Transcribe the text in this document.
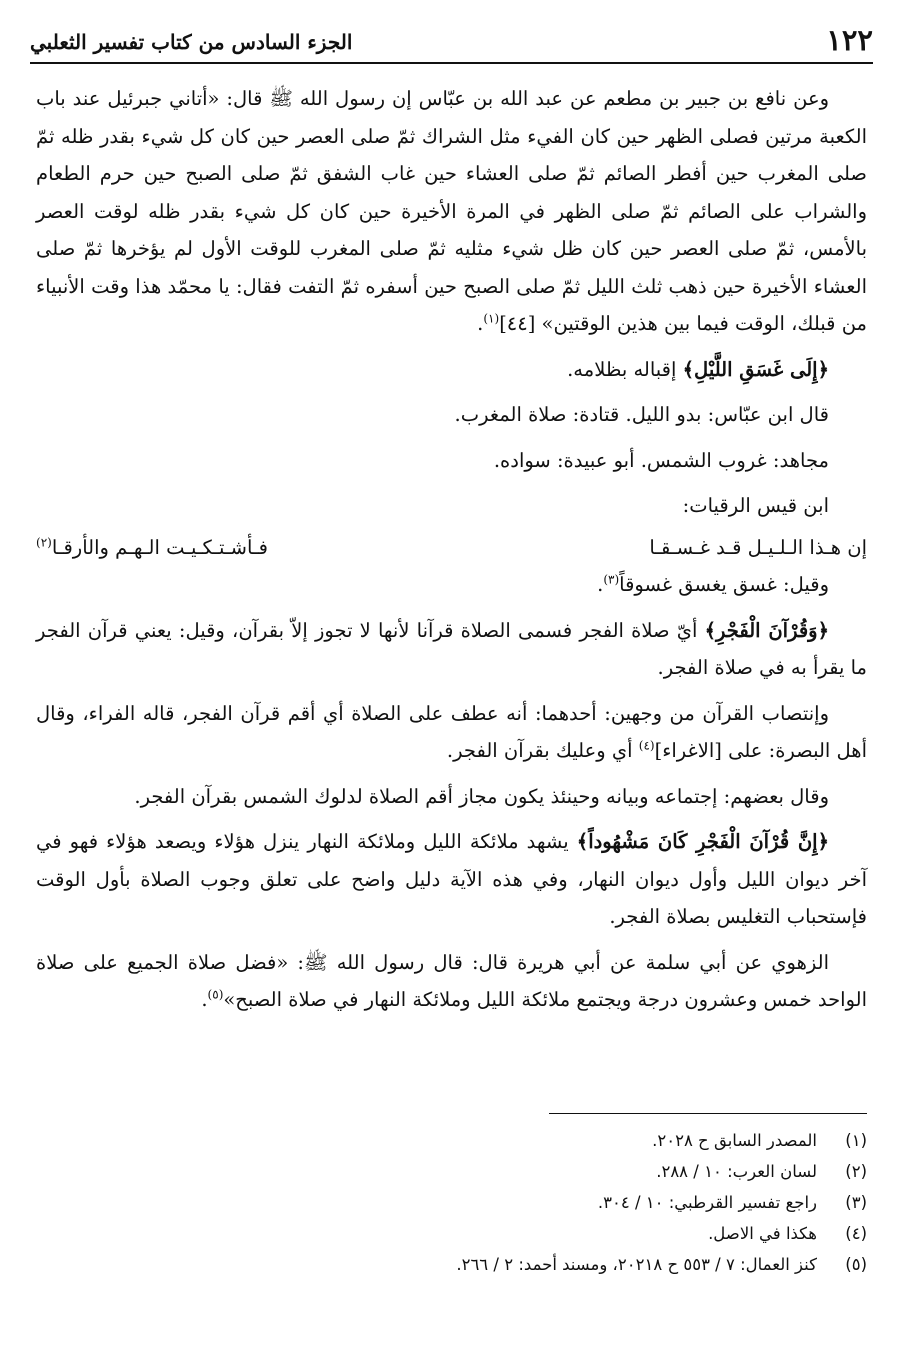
١٢٢
الجزء السادس من كتاب تفسير الثعلبي

وعن نافع بن جبير بن مطعم عن عبد الله بن عبّاس إن رسول الله ﷺ قال: «أتاني جبرئيل عند باب الكعبة مرتين فصلى الظهر حين كان الفيء مثل الشراك ثمّ صلى العصر حين كان كل شيء بقدر ظله ثمّ صلى المغرب حين أفطر الصائم ثمّ صلى العشاء حين غاب الشفق ثمّ صلى الصبح حين حرم الطعام والشراب على الصائم ثمّ صلى الظهر في المرة الأخيرة حين كان كل شيء بقدر ظله لوقت العصر بالأمس، ثمّ صلى العصر حين كان ظل شيء مثليه ثمّ صلى المغرب للوقت الأول لم يؤخرها ثمّ صلى العشاء الأخيرة حين ذهب ثلث الليل ثمّ صلى الصبح حين أسفره ثمّ التفت فقال: يا محمّد هذا وقت الأنبياء من قبلك، الوقت فيما بين هذين الوقتين» [٤٤]$^{(١)}$.

﴿إِلَى غَسَقِ اللَّيْلِ﴾ إقباله بظلامه.

قال ابن عبّاس: بدو الليل. قتادة: صلاة المغرب.

مجاهد: غروب الشمس. أبو عبيدة: سواده.

ابن قيس الرقيات:

إن هـذا الـلـيـل قـد غـسـقـا
فـأشـتـكـيـت الـهـم والأرقـا$^{(٢)}$

وقيل: غسق يغسق غسوقاً$^{(٣)}$.

﴿وَقُرْآنَ الْفَجْرِ﴾ أيّ صلاة الفجر فسمى الصلاة قرآنا لأنها لا تجوز إلاّ بقرآن، وقيل: يعني قرآن الفجر ما يقرأ به في صلاة الفجر.

وإنتصاب القرآن من وجهين: أحدهما: أنه عطف على الصلاة أي أقم قرآن الفجر، قاله الفراء، وقال أهل البصرة: على [الاغراء]$^{(٤)}$ أي وعليك بقرآن الفجر.

وقال بعضهم: إجتماعه وبيانه وحينئذ يكون مجاز أقم الصلاة لدلوك الشمس بقرآن الفجر.

﴿إِنَّ قُرْآنَ الْفَجْرِ كَانَ مَشْهُوداً﴾ يشهد ملائكة الليل وملائكة النهار ينزل هؤلاء ويصعد هؤلاء فهو في آخر ديوان الليل وأول ديوان النهار، وفي هذه الآية دليل واضح على تعلق وجوب الصلاة بأول الوقت فإستحباب التغليس بصلاة الفجر.

الزهوي عن أبي سلمة عن أبي هريرة قال: قال رسول الله ﷺ: «فضل صلاة الجميع على صلاة الواحد خمس وعشرون درجة ويجتمع ملائكة الليل وملائكة النهار في صلاة الصبح»$^{(٥)}$.

(١)
المصدر السابق ح ٢٠٢٨.
(٢)
لسان العرب: ١٠ / ٢٨٨.
(٣)
راجع تفسير القرطبي: ١٠ / ٣٠٤.
(٤)
هكذا في الاصل.
(٥)
كنز العمال: ٧ / ٥٥٣ ح ٢٠٢١٨، ومسند أحمد: ٢ / ٢٦٦.
